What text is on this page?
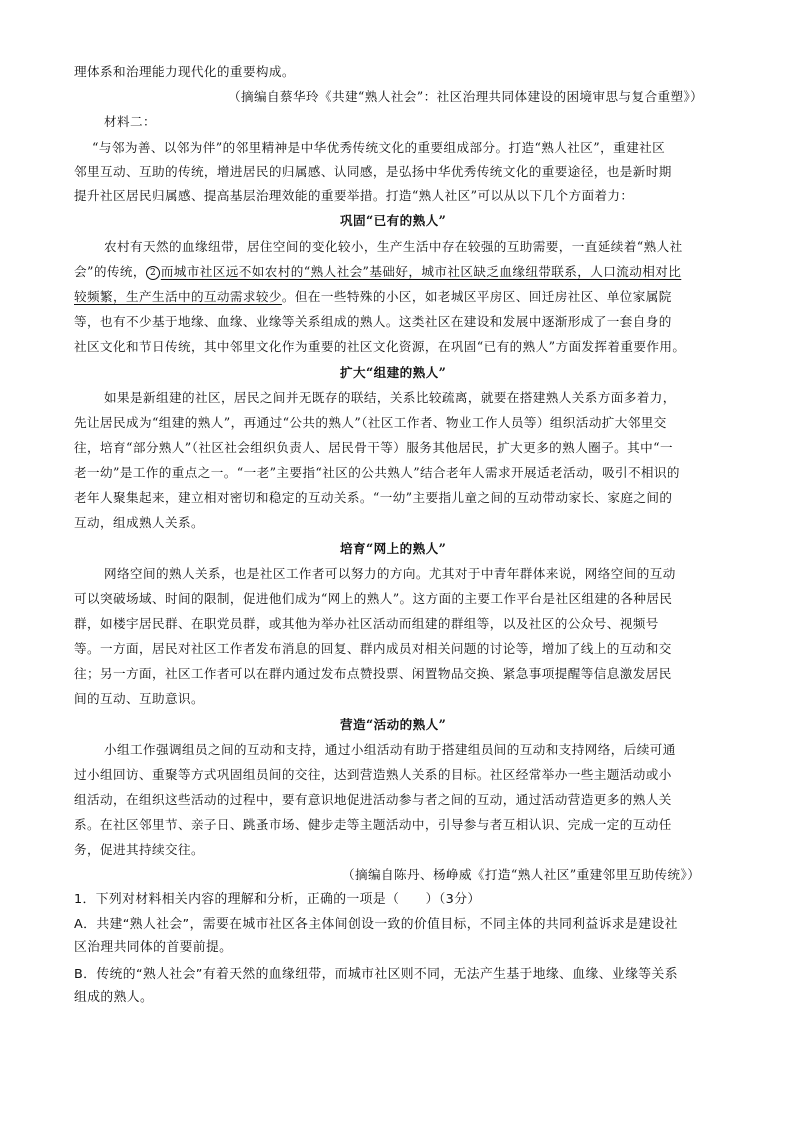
理体系和治理能力现代化的重要构成。

（摘编自蔡华玲《共建“熟人社会”：社区治理共同体建设的困境审思与复合重塑》）

材料二：

“与邻为善、以邻为伴”的邻里精神是中华优秀传统文化的重要组成部分。打造“熟人社区”，重建社区

邻里互动、互助的传统，增进居民的归属感、认同感，是弘扬中华优秀传统文化的重要途径，也是新时期

提升社区居民归属感、提高基层治理效能的重要举措。打造“熟人社区”可以从以下几个方面着力：

巩固“已有的熟人”

农村有天然的血缘纽带，居住空间的变化较小，生产生活中存在较强的互助需要，一直延续着“熟人社

会”的传统， 2 而城市社区远不如农村的“熟人社会”基础好，城市社区缺乏血缘纽带联系，人口流动相对比

较频繁，生产生活中的互动需求较少。但在一些特殊的小区，如老城区平房区、回迁房社区、单位家属院

等，也有不少基于地缘、血缘、业缘等关系组成的熟人。这类社区在建设和发展中逐渐形成了一套自身的

社区文化和节日传统，其中邻里文化作为重要的社区文化资源，在巩固“已有的熟人”方面发挥着重要作用。

扩大“组建的熟人”

如果是新组建的社区，居民之间并无既存的联结，关系比较疏离，就要在搭建熟人关系方面多着力，

先让居民成为“组建的熟人”，再通过“公共的熟人”（社区工作者、物业工作人员等）组织活动扩大邻里交

往，培育“部分熟人”（社区社会组织负责人、居民骨干等）服务其他居民，扩大更多的熟人圈子。其中“一

老一幼”是工作的重点之一。“一老”主要指“社区的公共熟人”结合老年人需求开展适老活动，吸引不相识的

老年人聚集起来，建立相对密切和稳定的互动关系。“一幼”主要指儿童之间的互动带动家长、家庭之间的

互动，组成熟人关系。

培育“网上的熟人”

网络空间的熟人关系，也是社区工作者可以努力的方向。尤其对于中青年群体来说，网络空间的互动

可以突破场域、时间的限制，促进他们成为“网上的熟人”。这方面的主要工作平台是社区组建的各种居民

群，如楼宇居民群、在职党员群，或其他为举办社区活动而组建的群组等，以及社区的公众号、视频号

等。一方面，居民对社区工作者发布消息的回复、群内成员对相关问题的讨论等，增加了线上的互动和交

往；另一方面，社区工作者可以在群内通过发布点赞投票、闲置物品交换、紧急事项提醒等信息激发居民

间的互动、互助意识。

营造“活动的熟人”

小组工作强调组员之间的互动和支持，通过小组活动有助于搭建组员间的互动和支持网络，后续可通

过小组回访、重聚等方式巩固组员间的交往，达到营造熟人关系的目标。社区经常举办一些主题活动或小

组活动，在组织这些活动的过程中，要有意识地促进活动参与者之间的互动，通过活动营造更多的熟人关

系。在社区邻里节、亲子日、跳蚤市场、健步走等主题活动中，引导参与者互相认识、完成一定的互动任

务，促进其持续交往。

（摘编自陈丹、杨峥威《打造“熟人社区”重建邻里互助传统》）

1．下列对材料相关内容的理解和分析，正确的一项是（　　）（3分）

A．共建“熟人社会”，需要在城市社区各主体间创设一致的价值目标，不同主体的共同利益诉求是建设社

区治理共同体的首要前提。

B．传统的“熟人社会”有着天然的血缘纽带，而城市社区则不同，无法产生基于地缘、血缘、业缘等关系

组成的熟人。
